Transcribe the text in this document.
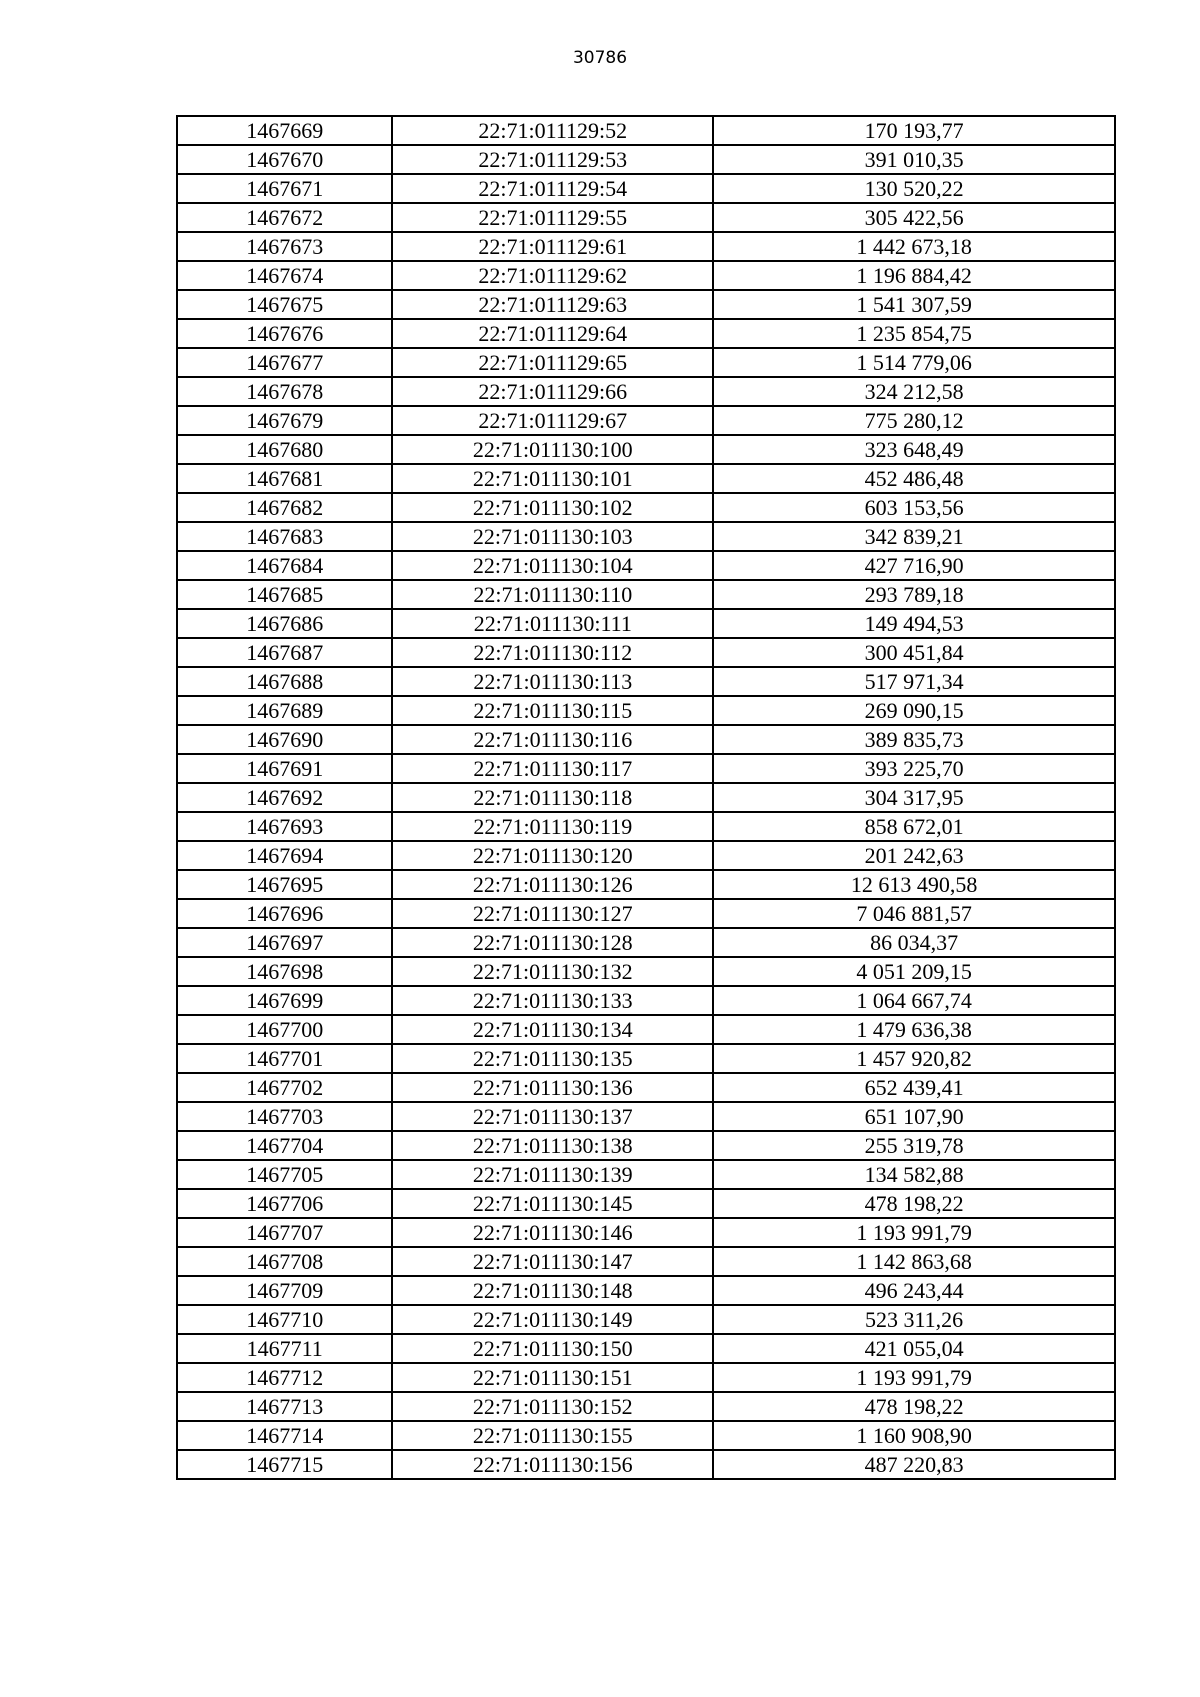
30786
1467669	22:71:011129:52	170 193,77
1467670	22:71:011129:53	391 010,35
1467671	22:71:011129:54	130 520,22
1467672	22:71:011129:55	305 422,56
1467673	22:71:011129:61	1 442 673,18
1467674	22:71:011129:62	1 196 884,42
1467675	22:71:011129:63	1 541 307,59
1467676	22:71:011129:64	1 235 854,75
1467677	22:71:011129:65	1 514 779,06
1467678	22:71:011129:66	324 212,58
1467679	22:71:011129:67	775 280,12
1467680	22:71:011130:100	323 648,49
1467681	22:71:011130:101	452 486,48
1467682	22:71:011130:102	603 153,56
1467683	22:71:011130:103	342 839,21
1467684	22:71:011130:104	427 716,90
1467685	22:71:011130:110	293 789,18
1467686	22:71:011130:111	149 494,53
1467687	22:71:011130:112	300 451,84
1467688	22:71:011130:113	517 971,34
1467689	22:71:011130:115	269 090,15
1467690	22:71:011130:116	389 835,73
1467691	22:71:011130:117	393 225,70
1467692	22:71:011130:118	304 317,95
1467693	22:71:011130:119	858 672,01
1467694	22:71:011130:120	201 242,63
1467695	22:71:011130:126	12 613 490,58
1467696	22:71:011130:127	7 046 881,57
1467697	22:71:011130:128	86 034,37
1467698	22:71:011130:132	4 051 209,15
1467699	22:71:011130:133	1 064 667,74
1467700	22:71:011130:134	1 479 636,38
1467701	22:71:011130:135	1 457 920,82
1467702	22:71:011130:136	652 439,41
1467703	22:71:011130:137	651 107,90
1467704	22:71:011130:138	255 319,78
1467705	22:71:011130:139	134 582,88
1467706	22:71:011130:145	478 198,22
1467707	22:71:011130:146	1 193 991,79
1467708	22:71:011130:147	1 142 863,68
1467709	22:71:011130:148	496 243,44
1467710	22:71:011130:149	523 311,26
1467711	22:71:011130:150	421 055,04
1467712	22:71:011130:151	1 193 991,79
1467713	22:71:011130:152	478 198,22
1467714	22:71:011130:155	1 160 908,90
1467715	22:71:011130:156	487 220,83
